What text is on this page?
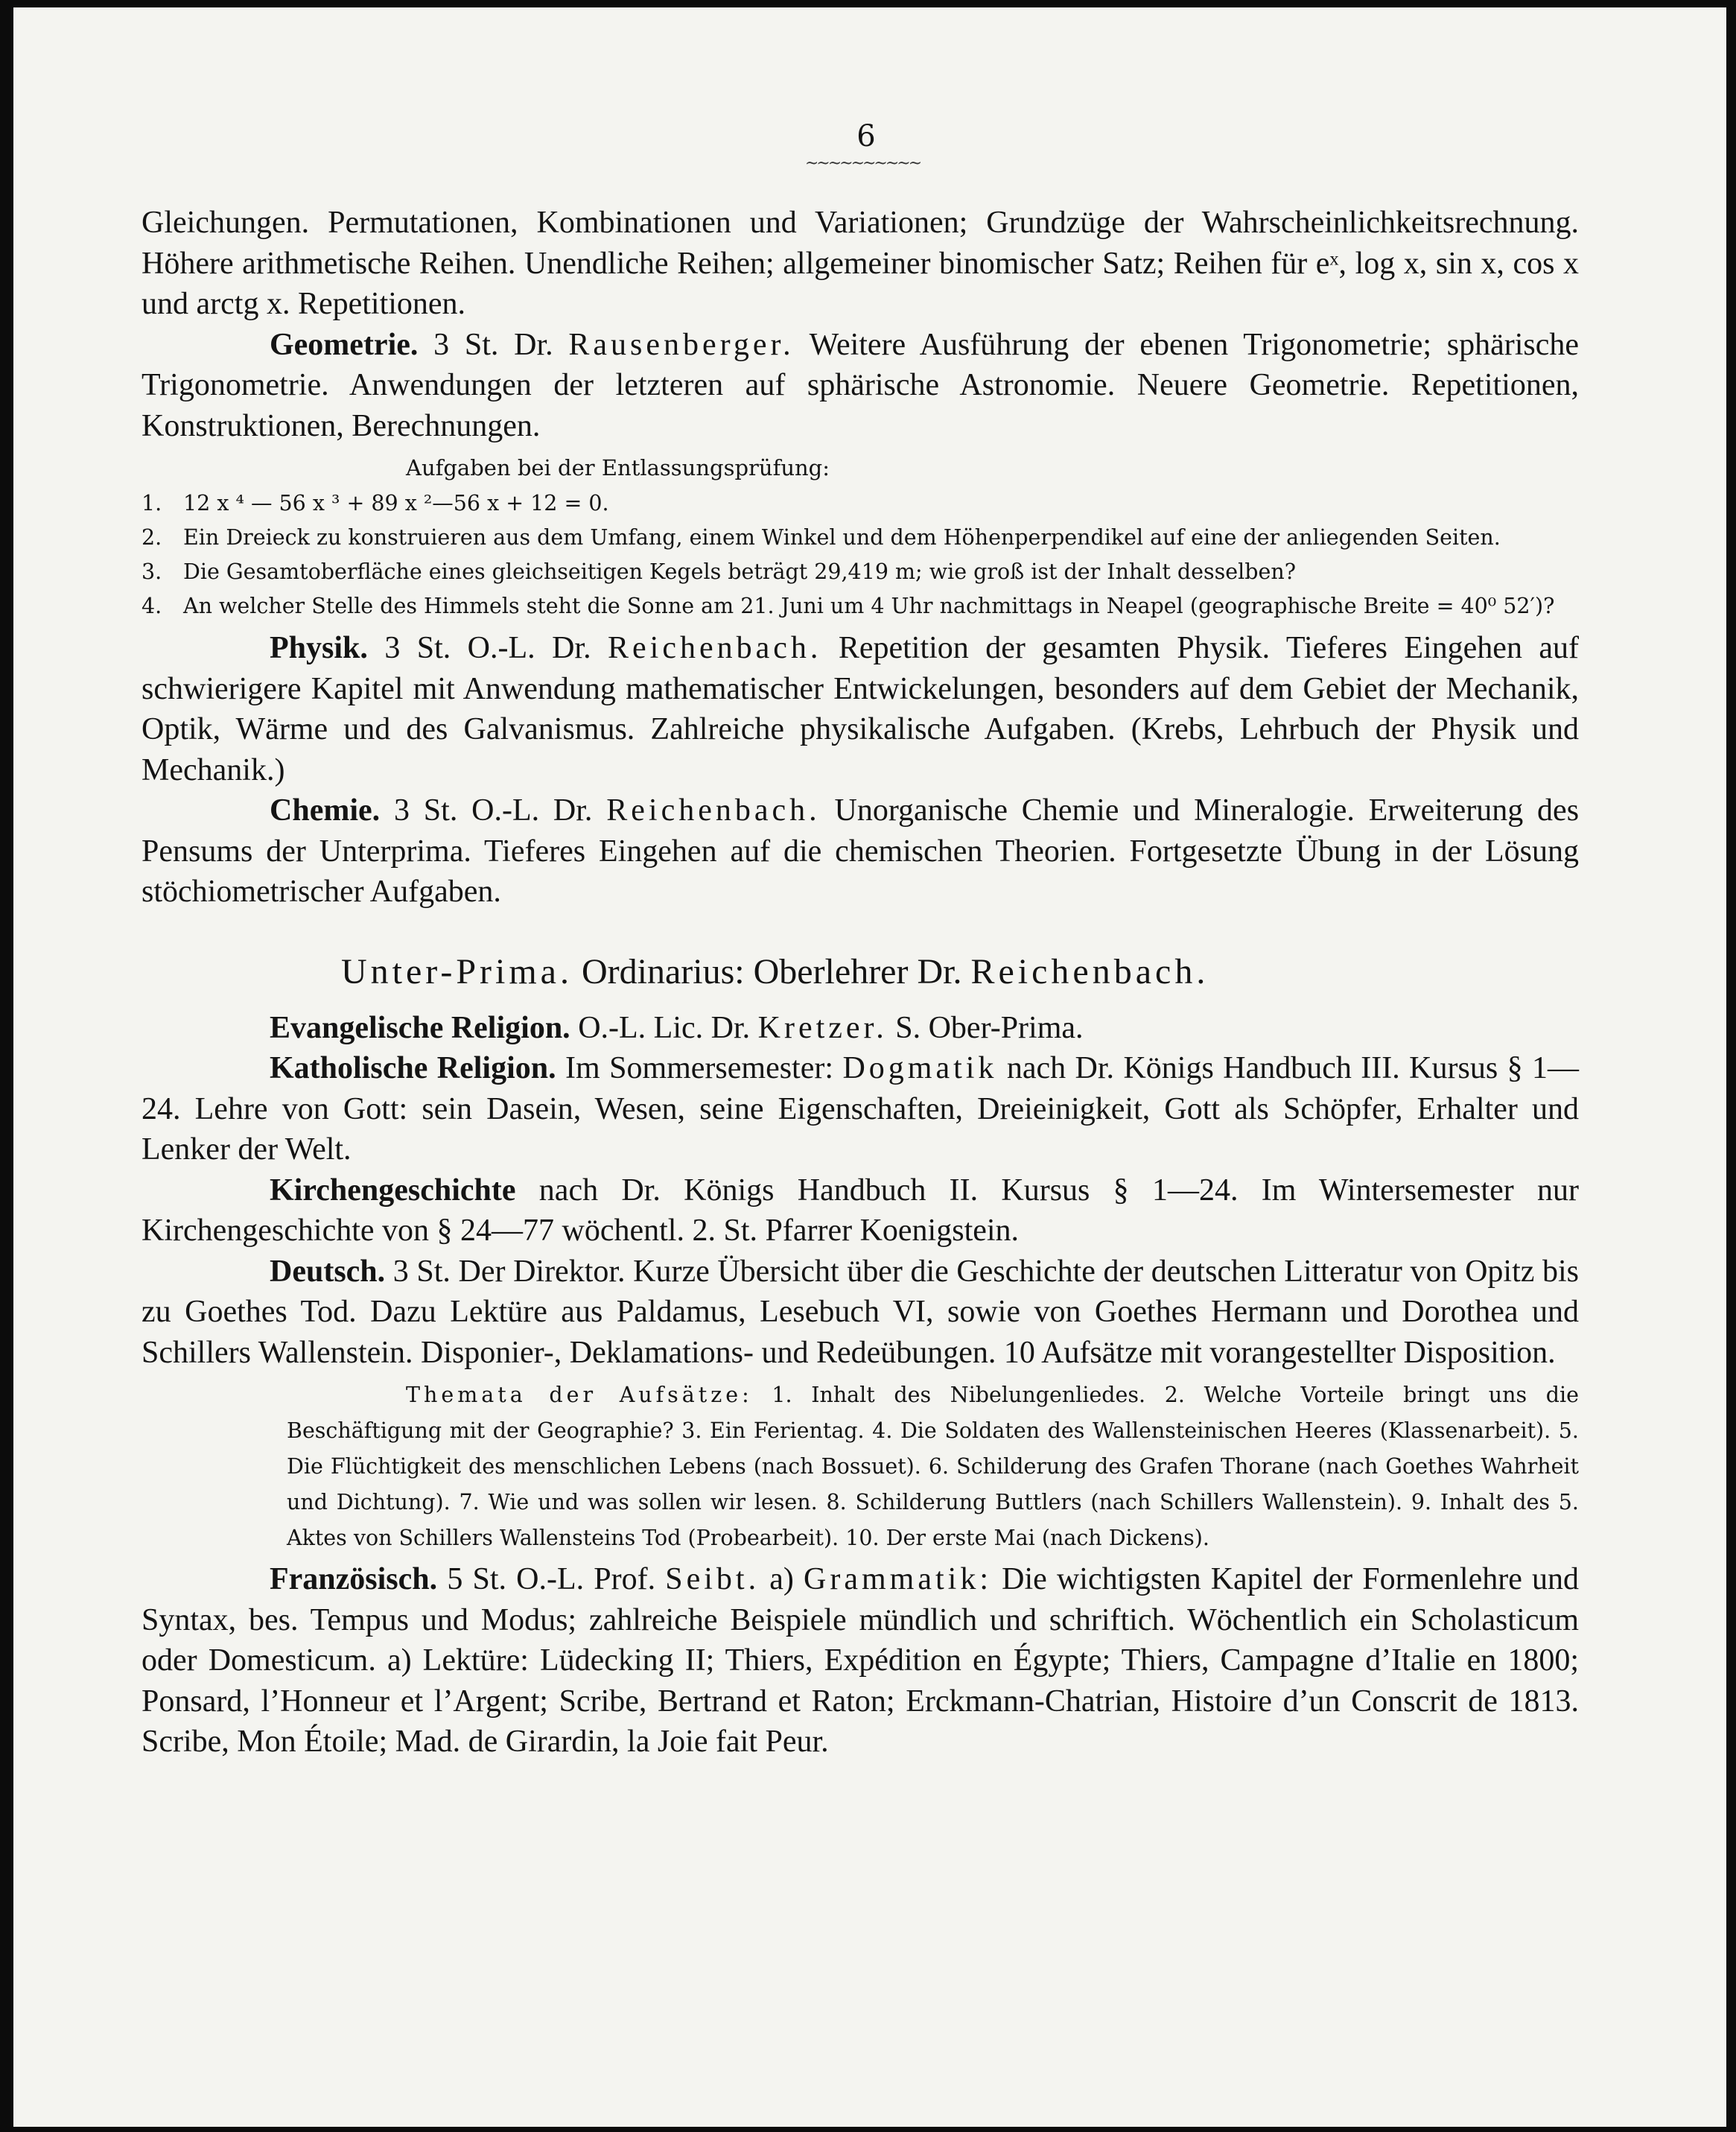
6
~~~~~~~~~~

Gleichungen. Permutationen, Kombinationen und Variationen; Grundzüge der Wahrscheinlichkeitsrechnung. Höhere arithmetische Reihen. Unendliche Reihen; allgemeiner binomischer Satz; Reihen für eˣ, log x, sin x, cos x und arctg x. Repetitionen.

Geometrie. 3 St. Dr. Rausenberger. Weitere Ausführung der ebenen Trigonometrie; sphärische Trigonometrie. Anwendungen der letzteren auf sphärische Astronomie. Neuere Geometrie. Repetitionen, Konstruktionen, Berechnungen.

Aufgaben bei der Entlassungsprüfung:

1. 12 x ⁴ — 56 x ³ + 89 x ²—56 x + 12 = 0.

2. Ein Dreieck zu konstruieren aus dem Umfang, einem Winkel und dem Höhenperpendikel auf eine der anliegenden Seiten.

3. Die Gesamtoberfläche eines gleichseitigen Kegels beträgt 29,419 m; wie groß ist der Inhalt desselben?

4. An welcher Stelle des Himmels steht die Sonne am 21. Juni um 4 Uhr nachmittags in Neapel (geographische Breite = 40⁰ 52′)?

Physik. 3 St. O.-L. Dr. Reichenbach. Repetition der gesamten Physik. Tieferes Eingehen auf schwierigere Kapitel mit Anwendung mathematischer Entwickelungen, besonders auf dem Gebiet der Mechanik, Optik, Wärme und des Galvanismus. Zahlreiche physikalische Aufgaben. (Krebs, Lehrbuch der Physik und Mechanik.)

Chemie. 3 St. O.-L. Dr. Reichenbach. Unorganische Chemie und Mineralogie. Erweiterung des Pensums der Unterprima. Tieferes Eingehen auf die chemischen Theorien. Fortgesetzte Übung in der Lösung stöchiometrischer Aufgaben.

Unter-Prima. Ordinarius: Oberlehrer Dr. Reichenbach.

Evangelische Religion. O.-L. Lic. Dr. Kretzer. S. Ober-Prima.

Katholische Religion. Im Sommersemester: Dogmatik nach Dr. Königs Handbuch III. Kursus § 1—24. Lehre von Gott: sein Dasein, Wesen, seine Eigenschaften, Dreieinigkeit, Gott als Schöpfer, Erhalter und Lenker der Welt.

Kirchengeschichte nach Dr. Königs Handbuch II. Kursus § 1—24. Im Wintersemester nur Kirchengeschichte von § 24—77 wöchentl. 2. St. Pfarrer Koenigstein.

Deutsch. 3 St. Der Direktor. Kurze Übersicht über die Geschichte der deutschen Litteratur von Opitz bis zu Goethes Tod. Dazu Lektüre aus Paldamus, Lesebuch VI, sowie von Goethes Hermann und Dorothea und Schillers Wallenstein. Disponier-, Deklamations- und Redeübungen. 10 Aufsätze mit vorangestellter Disposition.

Themata der Aufsätze: 1. Inhalt des Nibelungenliedes. 2. Welche Vorteile bringt uns die Beschäftigung mit der Geographie? 3. Ein Ferientag. 4. Die Soldaten des Wallensteinischen Heeres (Klassenarbeit). 5. Die Flüchtigkeit des menschlichen Lebens (nach Bossuet). 6. Schilderung des Grafen Thorane (nach Goethes Wahrheit und Dichtung). 7. Wie und was sollen wir lesen. 8. Schilderung Buttlers (nach Schillers Wallenstein). 9. Inhalt des 5. Aktes von Schillers Wallensteins Tod (Probearbeit). 10. Der erste Mai (nach Dickens).

Französisch. 5 St. O.-L. Prof. Seibt. a) Grammatik: Die wichtigsten Kapitel der Formenlehre und Syntax, bes. Tempus und Modus; zahlreiche Beispiele mündlich und schriftich. Wöchentlich ein Scholasticum oder Domesticum. a) Lektüre: Lüdecking II; Thiers, Expédition en Égypte; Thiers, Campagne d’Italie en 1800; Ponsard, l’Honneur et l’Argent; Scribe, Bertrand et Raton; Erckmann-Chatrian, Histoire d’un Conscrit de 1813. Scribe, Mon Étoile; Mad. de Girardin, la Joie fait Peur.
